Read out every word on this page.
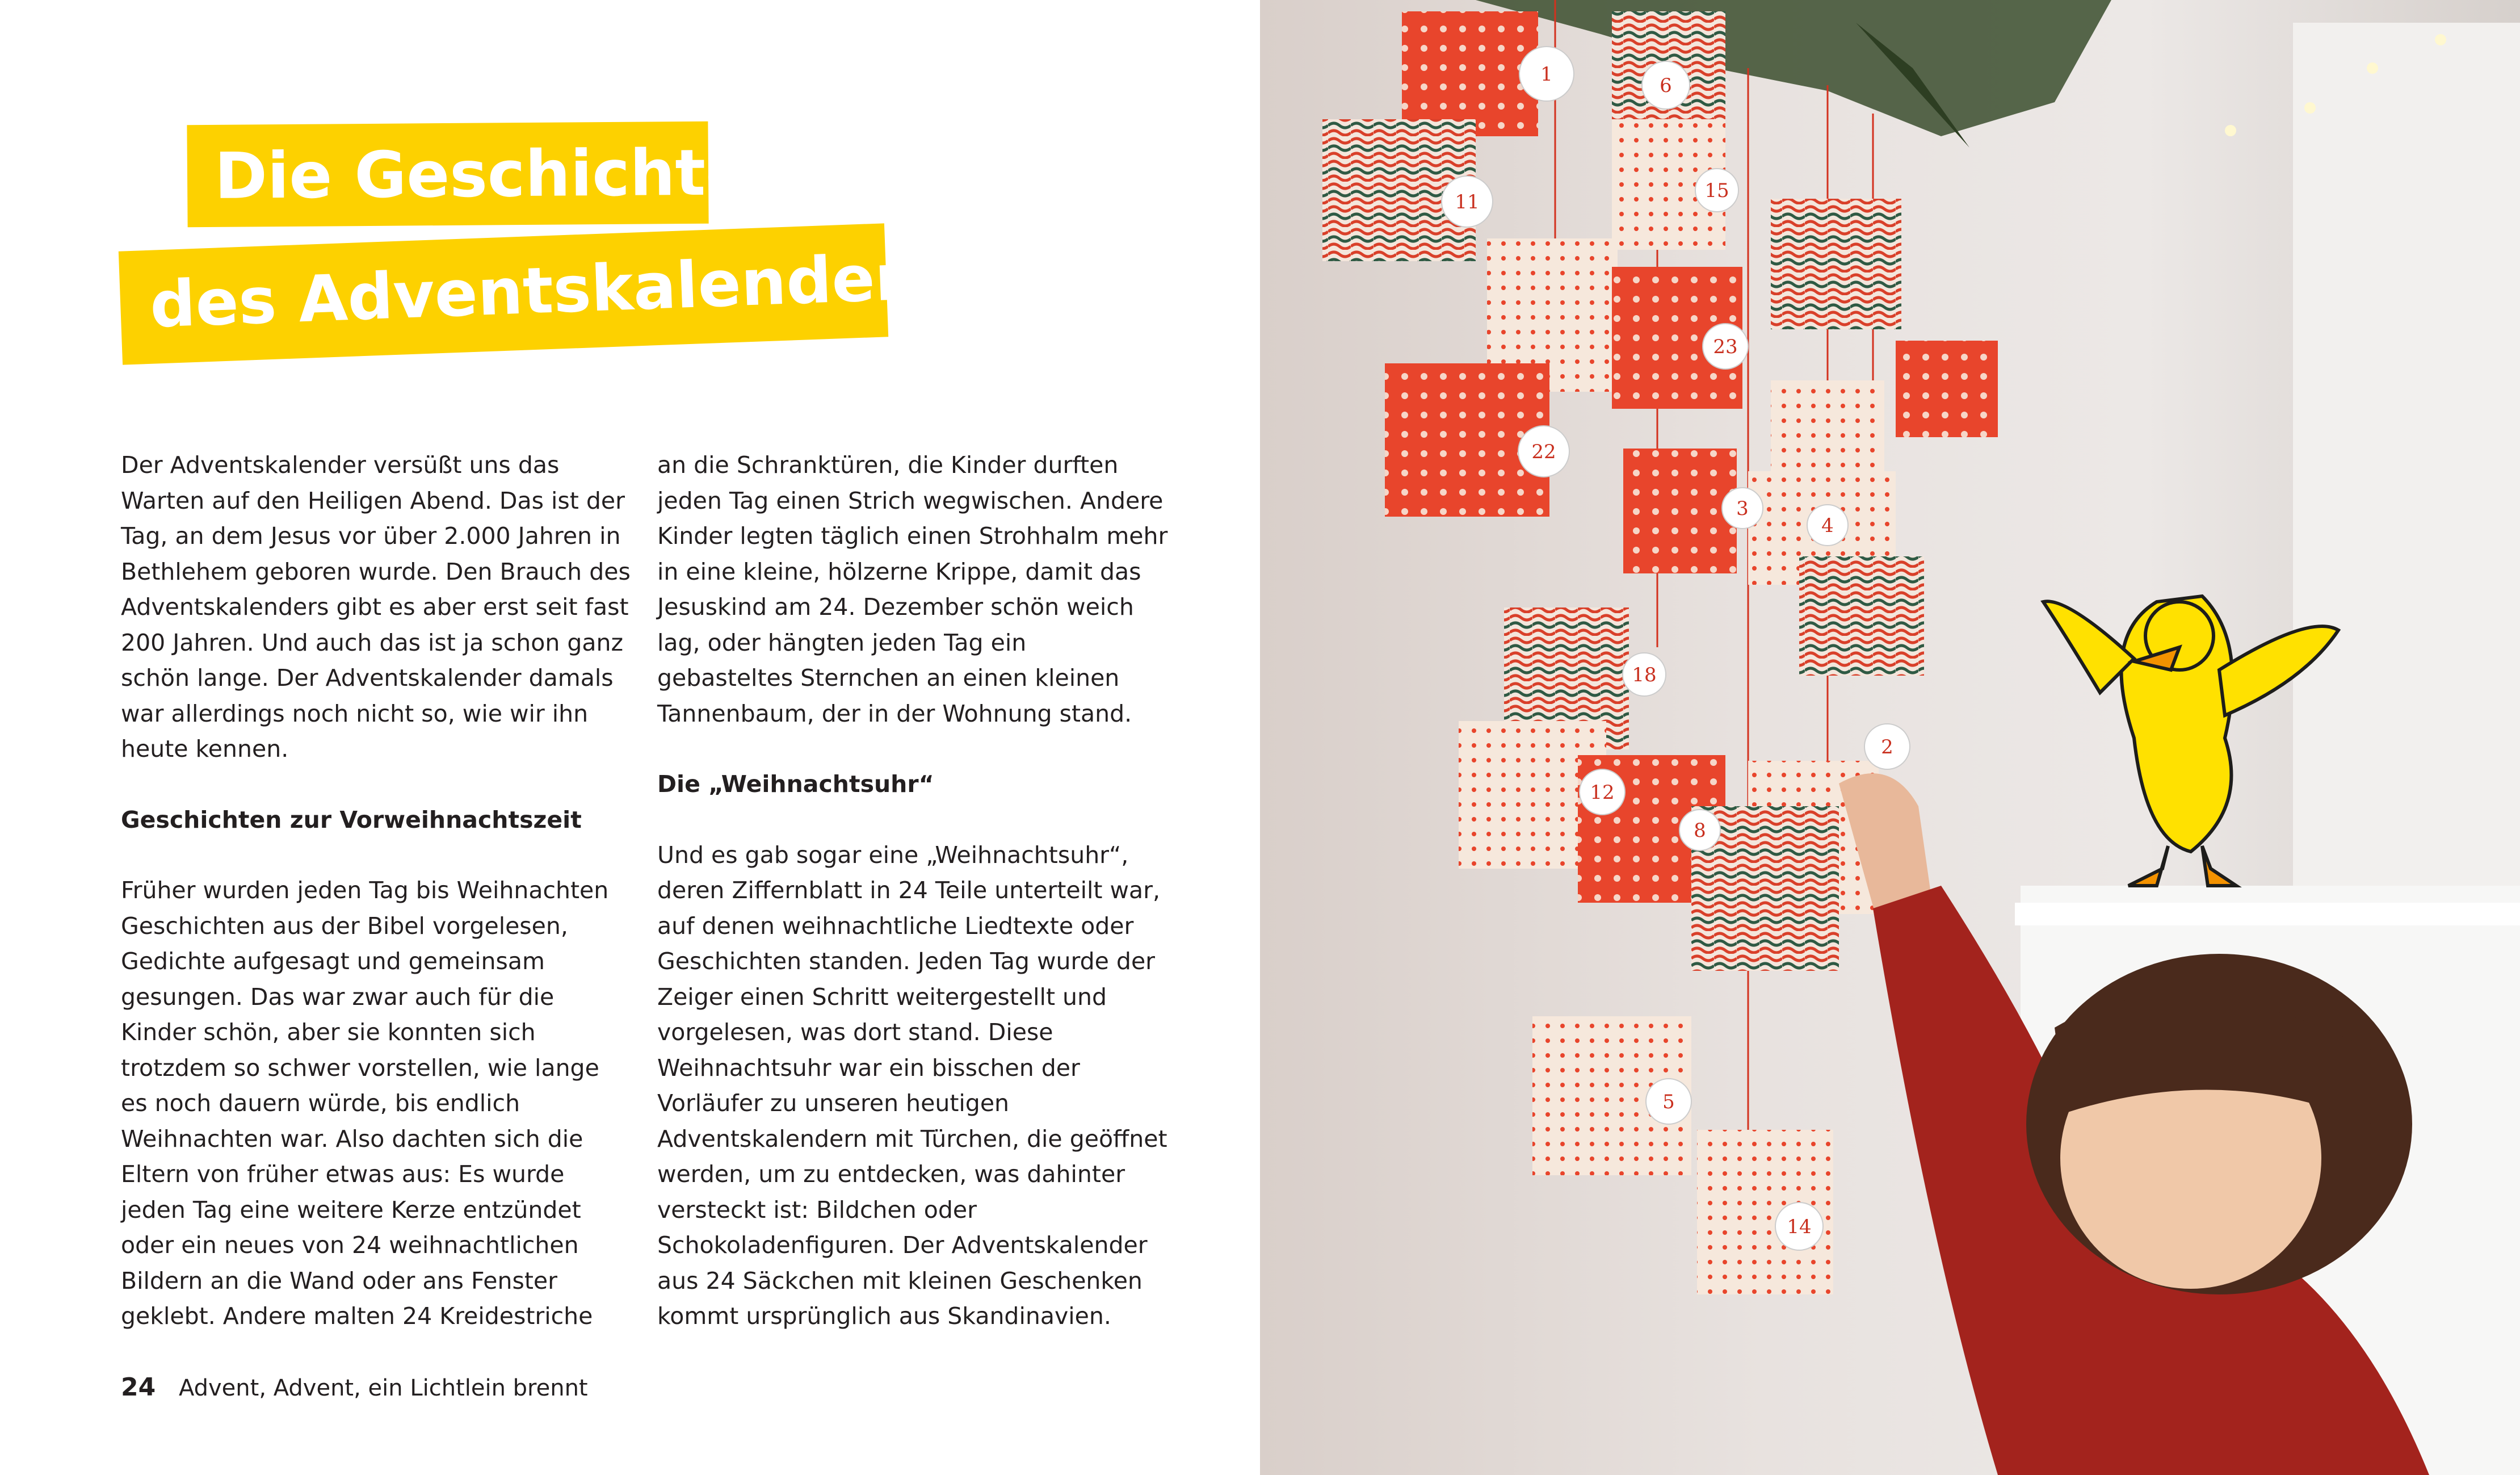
Die Geschichte
des Adventskalenders

Der Adventskalender versüßt uns das Warten auf den Heiligen Abend. Das ist der Tag, an dem Jesus vor über 2.000 Jahren in Bethlehem geboren wurde. Den Brauch des Adventskalenders gibt es aber erst seit fast 200 Jahren. Und auch das ist ja schon ganz schön lange. Der Adventskalender damals war allerdings noch nicht so, wie wir ihn heute kennen.

Geschichten zur Vorweihnachtszeit

Früher wurden jeden Tag bis Weihnachten Geschichten aus der Bibel vorgelesen, Gedichte aufgesagt und gemeinsam gesungen. Das war zwar auch für die Kinder schön, aber sie konnten sich trotzdem so schwer vorstellen, wie lange es noch dauern würde, bis endlich Weihnachten war. Also dachten sich die Eltern von früher etwas aus: Es wurde jeden Tag eine weitere Kerze entzündet oder ein neues von 24 weihnachtlichen Bildern an die Wand oder ans Fenster geklebt. Andere malten 24 Kreidestriche

an die Schranktüren, die Kinder durften jeden Tag einen Strich wegwischen. Andere Kinder legten täglich einen Strohhalm mehr in eine kleine, hölzerne Krippe, damit das Jesuskind am 24. Dezember schön weich lag, oder hängten jeden Tag ein gebasteltes Sternchen an einen kleinen Tannenbaum, der in der Wohnung stand.

Die „Weihnachtsuhr“

Und es gab sogar eine „Weihnachtsuhr“, deren Ziffernblatt in 24 Teile unterteilt war, auf denen weihnachtliche Liedtexte oder Geschichten standen. Jeden Tag wurde der Zeiger einen Schritt weitergestellt und vorgelesen, was dort stand. Diese Weihnachtsuhr war ein bisschen der Vorläufer zu unseren heutigen Adventskalendern mit Türchen, die geöffnet werden, um zu entdecken, was dahinter versteckt ist: Bildchen oder Schokoladenfiguren. Der Adventskalender aus 24 Säckchen mit kleinen Geschenken kommt ursprünglich aus Skandinavien.

24 Advent, Advent, ein Lichtlein brennt
1	6
11	15
23
22
3
4
18
12
8
2
5
14
